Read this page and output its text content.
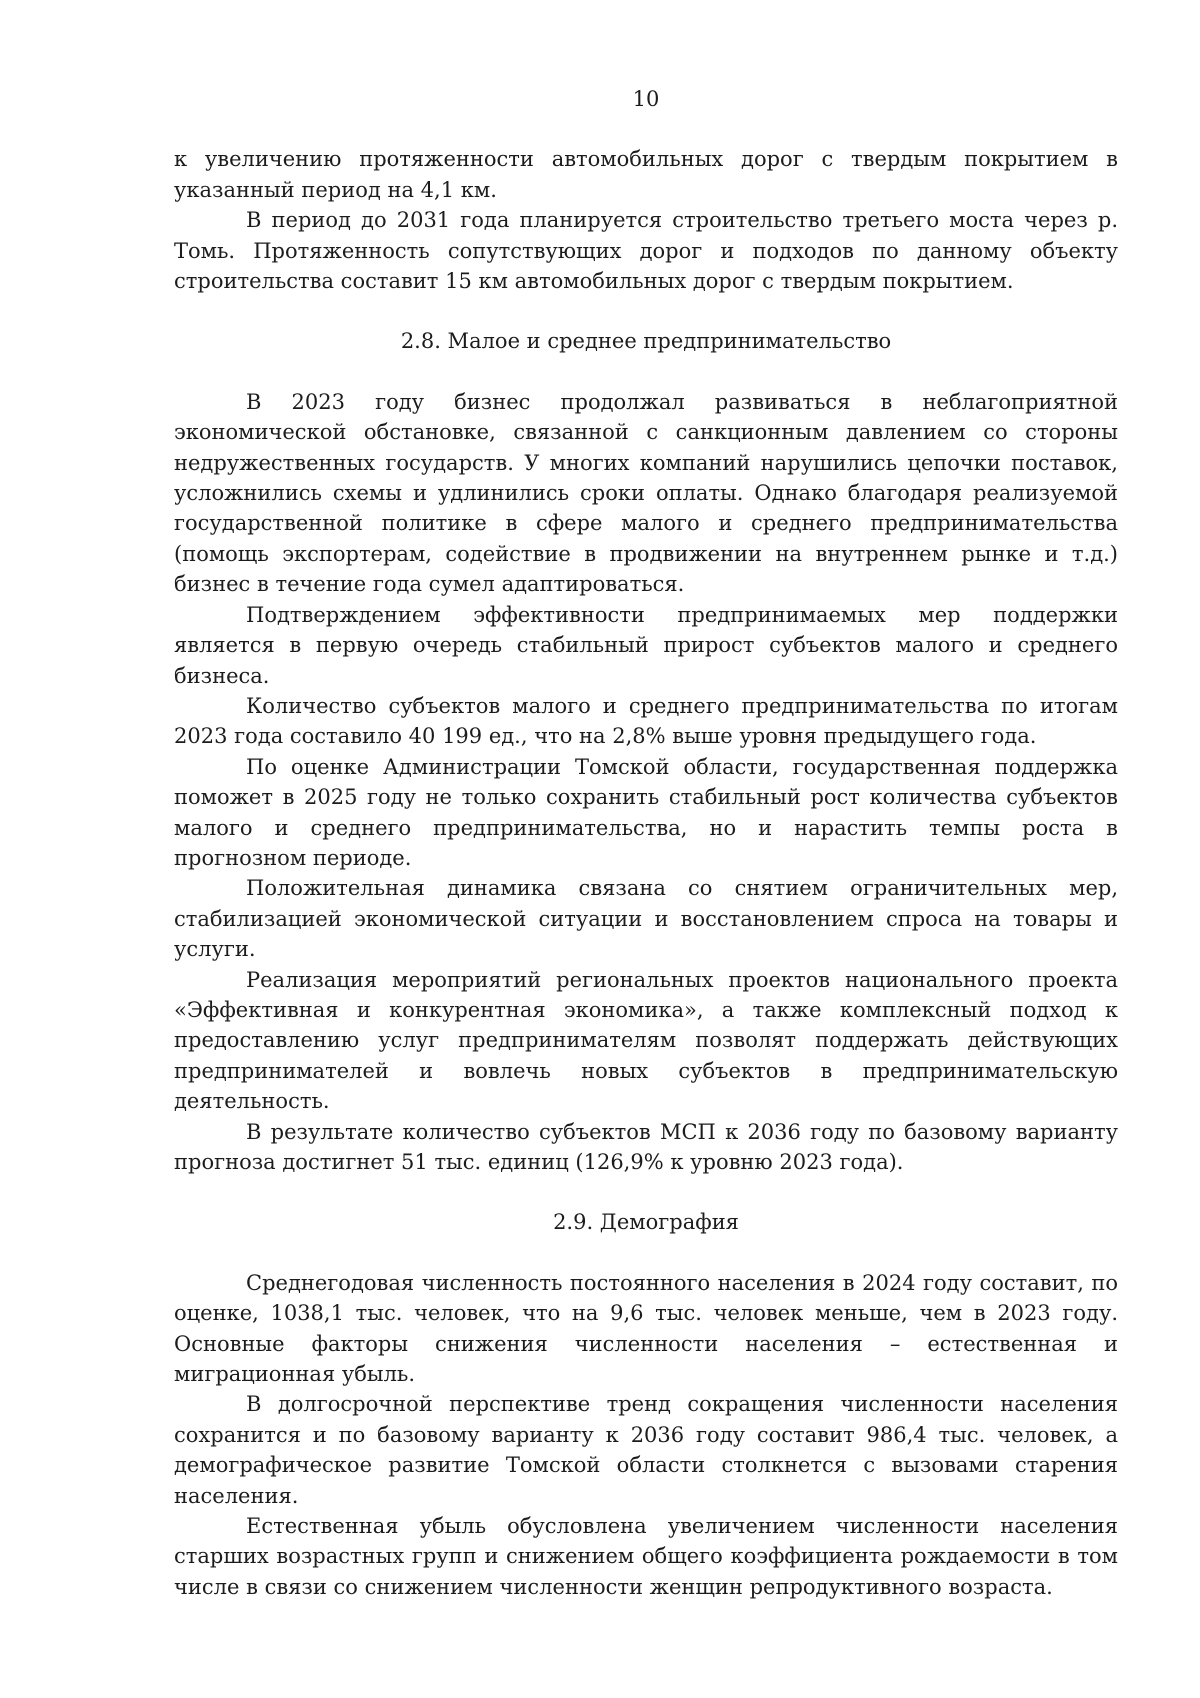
10

к увеличению протяженности автомобильных дорог с твердым покрытием в указанный период на 4,1 км.

В период до 2031 года планируется строительство третьего моста через р. Томь. Протяженность сопутствующих дорог и подходов по данному объекту строительства составит 15 км автомобильных дорог с твердым покрытием.

2.8. Малое и среднее предпринимательство

В 2023 году бизнес продолжал развиваться в неблагоприятной экономической обстановке, связанной с санкционным давлением со стороны недружественных государств. У многих компаний нарушились цепочки поставок, усложнились схемы и удлинились сроки оплаты. Однако благодаря реализуемой государственной политике в сфере малого и среднего предпринимательства (помощь экспортерам, содействие в продвижении на внутреннем рынке и т.д.) бизнес в течение года сумел адаптироваться.

Подтверждением эффективности предпринимаемых мер поддержки является в первую очередь стабильный прирост субъектов малого и среднего бизнеса.

Количество субъектов малого и среднего предпринимательства по итогам 2023 года составило 40 199 ед., что на 2,8% выше уровня предыдущего года.

По оценке Администрации Томской области, государственная поддержка поможет в 2025 году не только сохранить стабильный рост количества субъектов малого и среднего предпринимательства, но и нарастить темпы роста в прогнозном периоде.

Положительная динамика связана со снятием ограничительных мер, стабилизацией экономической ситуации и восстановлением спроса на товары и услуги.

Реализация мероприятий региональных проектов национального проекта «Эффективная и конкурентная экономика», а также комплексный подход к предоставлению услуг предпринимателям позволят поддержать действующих предпринимателей и вовлечь новых субъектов в предпринимательскую деятельность.

В результате количество субъектов МСП к 2036 году по базовому варианту прогноза достигнет 51 тыс. единиц (126,9% к уровню 2023 года).

2.9. Демография

Среднегодовая численность постоянного населения в 2024 году составит, по оценке, 1038,1 тыс. человек, что на 9,6 тыс. человек меньше, чем в 2023 году. Основные факторы снижения численности населения – естественная и миграционная убыль.

В долгосрочной перспективе тренд сокращения численности населения сохранится и по базовому варианту к 2036 году составит 986,4 тыс. человек, а демографическое развитие Томской области столкнется с вызовами старения населения.

Естественная убыль обусловлена увеличением численности населения старших возрастных групп и снижением общего коэффициента рождаемости в том числе в связи со снижением численности женщин репродуктивного возраста.
